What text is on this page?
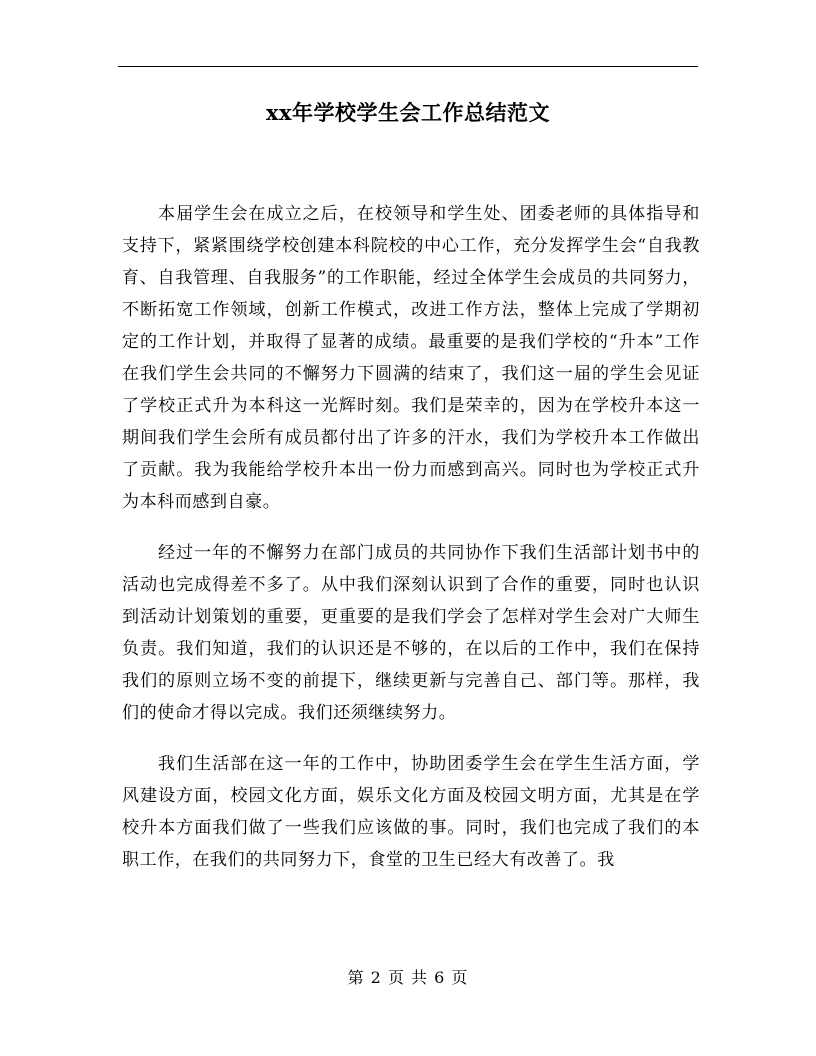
xx年学校学生会工作总结范文

本届学生会在成立之后，在校领导和学生处、团委老师的具体指导和支持下，紧紧围绕学校创建本科院校的中心工作，充分发挥学生会“自我教育、自我管理、自我服务”的工作职能，经过全体学生会成员的共同努力，不断拓宽工作领域，创新工作模式，改进工作方法，整体上完成了学期初定的工作计划，并取得了显著的成绩。最重要的是我们学校的“升本”工作在我们学生会共同的不懈努力下圆满的结束了，我们这一届的学生会见证了学校正式升为本科这一光辉时刻。我们是荣幸的，因为在学校升本这一期间我们学生会所有成员都付出了许多的汗水，我们为学校升本工作做出了贡献。我为我能给学校升本出一份力而感到高兴。同时也为学校正式升为本科而感到自豪。

经过一年的不懈努力在部门成员的共同协作下我们生活部计划书中的活动也完成得差不多了。从中我们深刻认识到了合作的重要，同时也认识到活动计划策划的重要，更重要的是我们学会了怎样对学生会对广大师生负责。我们知道，我们的认识还是不够的，在以后的工作中，我们在保持我们的原则立场不变的前提下，继续更新与完善自己、部门等。那样，我们的使命才得以完成。我们还须继续努力。

我们生活部在这一年的工作中，协助团委学生会在学生生活方面，学风建设方面，校园文化方面，娱乐文化方面及校园文明方面，尤其是在学校升本方面我们做了一些我们应该做的事。同时，我们也完成了我们的本职工作，在我们的共同努力下，食堂的卫生已经大有改善了。我

第 2 页 共 6 页
